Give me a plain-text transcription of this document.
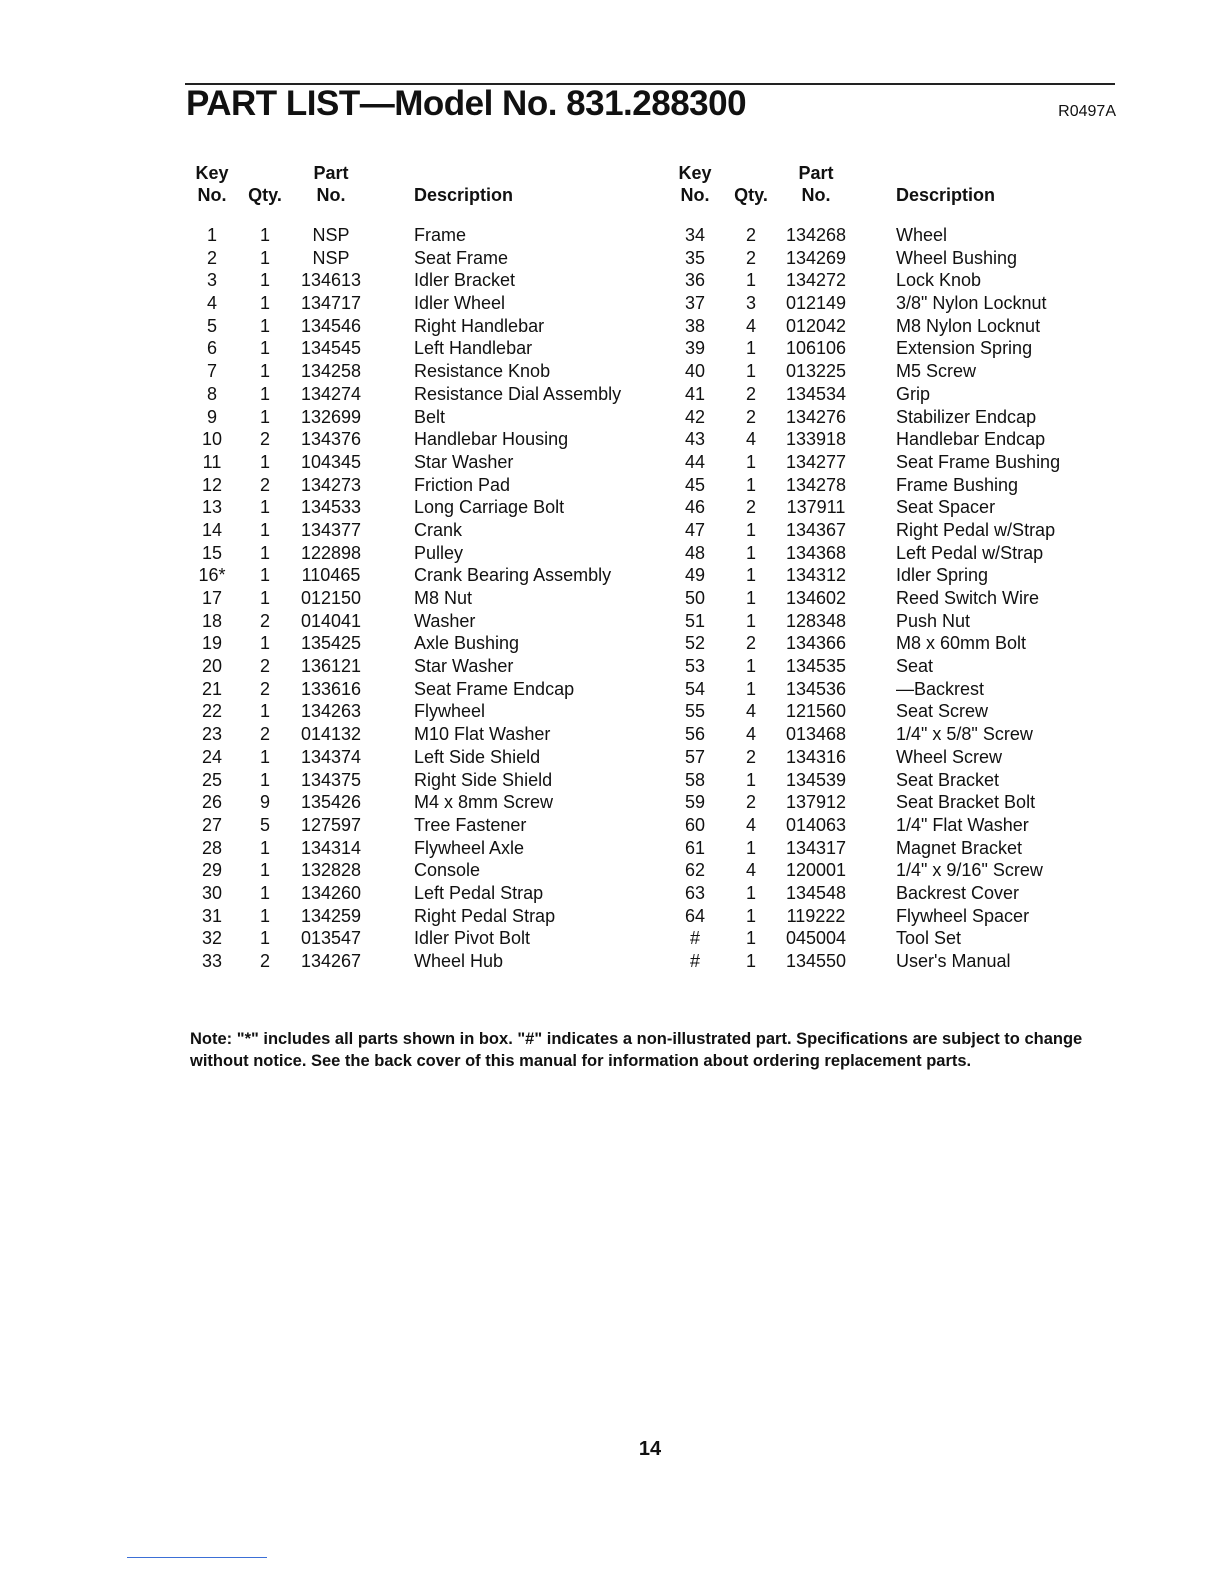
PART LIST—Model No. 831.288300	R0497A
Key
No.	Qty.
Part
No.	Description
1	1	NSP	Frame
2	1	NSP	Seat Frame
3	1	134613	Idler Bracket
4	1	134717	Idler Wheel
5	1	134546	Right Handlebar
6	1	134545	Left Handlebar
7	1	134258	Resistance Knob
8	1	134274	Resistance Dial Assembly
9	1	132699	Belt
10	2	134376	Handlebar Housing
11	1	104345	Star Washer
12	2	134273	Friction Pad
13	1	134533	Long Carriage Bolt
14	1	134377	Crank
15	1	122898	Pulley
16*	1	110465	Crank Bearing Assembly
17	1	012150	M8 Nut
18	2	014041	Washer
19	1	135425	Axle Bushing
20	2	136121	Star Washer
21	2	133616	Seat Frame Endcap
22	1	134263	Flywheel
23	2	014132	M10 Flat Washer
24	1	134374	Left Side Shield
25	1	134375	Right Side Shield
26	9	135426	M4 x 8mm Screw
27	5	127597	Tree Fastener
28	1	134314	Flywheel Axle
29	1	132828	Console
30	1	134260	Left Pedal Strap
31	1	134259	Right Pedal Strap
32	1	013547	Idler Pivot Bolt
33	2	134267	Wheel Hub
Key
No.	Qty.
Part
No.	Description
34	2	134268	Wheel
35	2	134269	Wheel Bushing
36	1	134272	Lock Knob
37	3	012149	3/8" Nylon Locknut
38	4	012042	M8 Nylon Locknut
39	1	106106	Extension Spring
40	1	013225	M5 Screw
41	2	134534	Grip
42	2	134276	Stabilizer Endcap
43	4	133918	Handlebar Endcap
44	1	134277	Seat Frame Bushing
45	1	134278	Frame Bushing
46	2	137911	Seat Spacer
47	1	134367	Right Pedal w/Strap
48	1	134368	Left Pedal w/Strap
49	1	134312	Idler Spring
50	1	134602	Reed Switch Wire
51	1	128348	Push Nut
52	2	134366	M8 x 60mm Bolt
53	1	134535	Seat
54	1	134536	—Backrest
55	4	121560	Seat Screw
56	4	013468	1/4" x 5/8" Screw
57	2	134316	Wheel Screw
58	1	134539	Seat Bracket
59	2	137912	Seat Bracket Bolt
60	4	014063	1/4" Flat Washer
61	1	134317	Magnet Bracket
62	4	120001	1/4" x 9/16" Screw
63	1	134548	Backrest Cover
64	1	119222	Flywheel Spacer
#	1	045004	Tool Set
#	1	134550	User's Manual

Note: "*" includes all parts shown in box. "#" indicates a non-illustrated part. Specifications are subject to change without notice. See the back cover of this manual for information about ordering replacement parts.

14
